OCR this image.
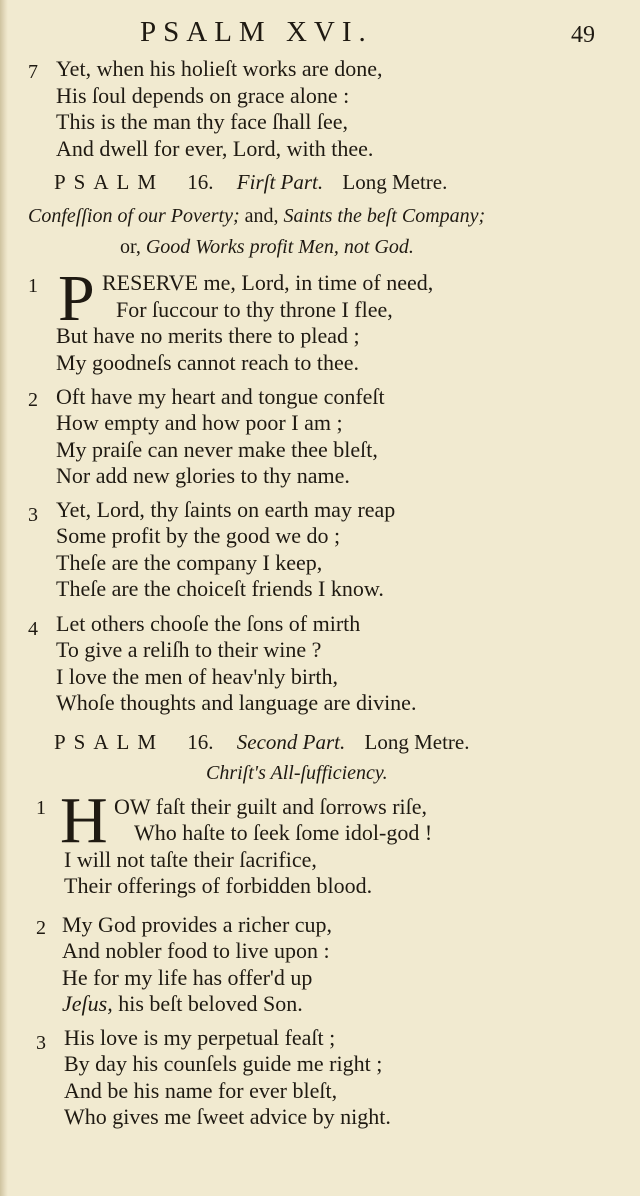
PSALM XVI.	49
7 Yet, when his holieſt works are done,
His ſoul depends on grace alone :
This is the man thy face ſhall ſee,
And dwell for ever, Lord, with thee.
PSALM 16. Firſt Part. Long Metre.
Confeſſion of our Poverty; and, Saints the beſt Company;
or, Good Works profit Men, not God.
1 P RESERVE me, Lord, in time of need,
For ſuccour to thy throne I flee,
But have no merits there to plead ;
My goodneſs cannot reach to thee.
2 Oft have my heart and tongue confeſt
How empty and how poor I am ;
My praiſe can never make thee bleſt,
Nor add new glories to thy name.
3 Yet, Lord, thy ſaints on earth may reap
Some profit by the good we do ;
Theſe are the company I keep,
Theſe are the choiceſt friends I know.
4 Let others chooſe the ſons of mirth
To give a reliſh to their wine ?
I love the men of heav'nly birth,
Whoſe thoughts and language are divine.
PSALM 16. Second Part. Long Metre.
Chriſt's All-ſufficiency.
1 H OW faſt their guilt and ſorrows riſe,
Who haſte to ſeek ſome idol-god !
I will not taſte their ſacrifice,
Their offerings of forbidden blood.
2 My God provides a richer cup,
And nobler food to live upon :
He for my life has offer'd up
Jeſus, his beſt beloved Son.
3 His love is my perpetual feaſt ;
By day his counſels guide me right ;
And be his name for ever bleſt,
Who gives me ſweet advice by night.
